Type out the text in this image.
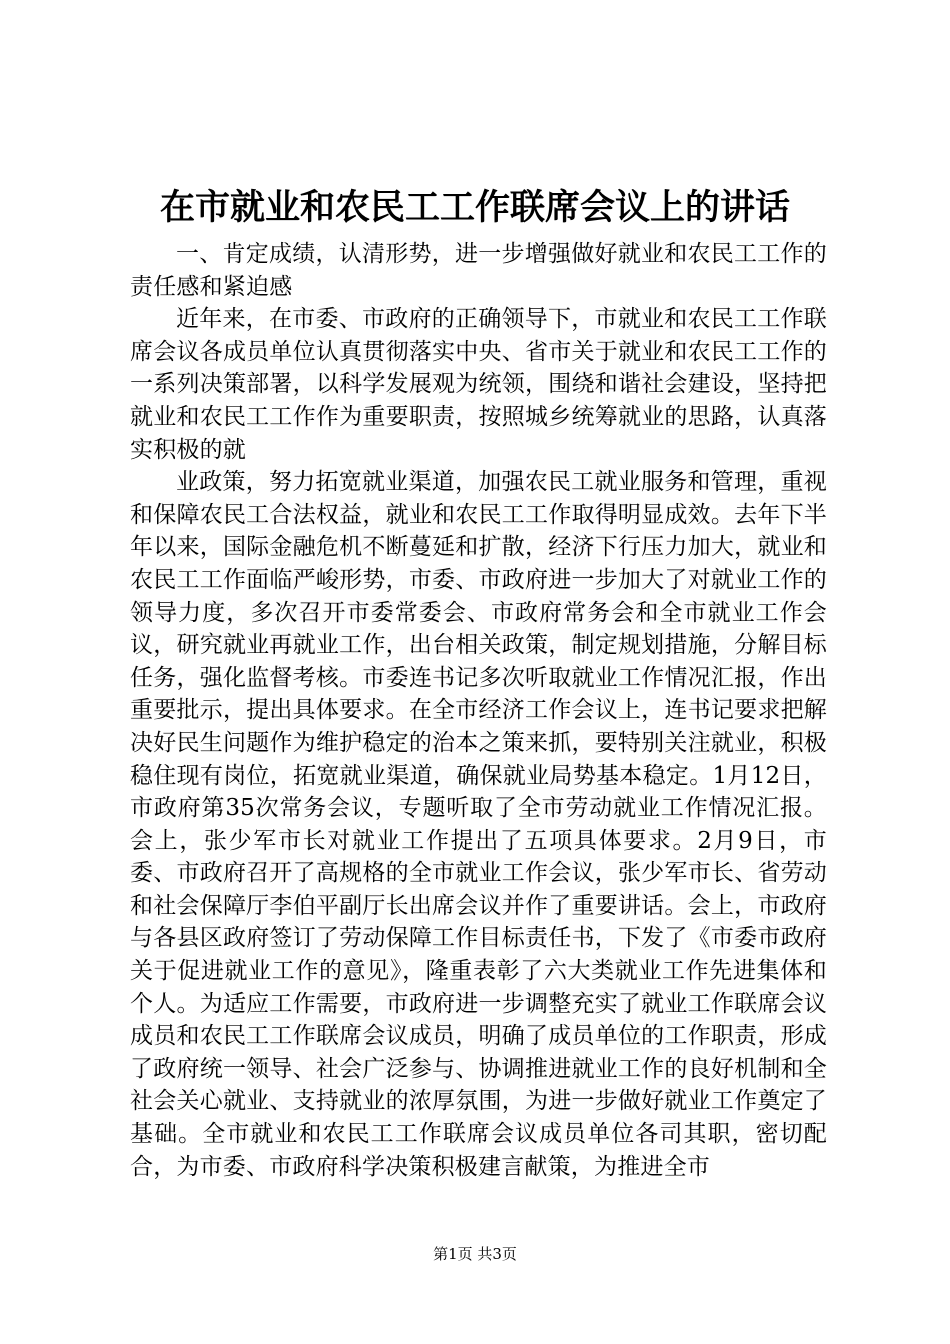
在市就业和农民工工作联席会议上的讲话

一、肯定成绩，认清形势，进一步增强做好就业和农民工工作的责任感和紧迫感

近年来，在市委、市政府的正确领导下，市就业和农民工工作联席会议各成员单位认真贯彻落实中央、省市关于就业和农民工工作的一系列决策部署，以科学发展观为统领，围绕和谐社会建设，坚持把就业和农民工工作作为重要职责，按照城乡统筹就业的思路，认真落实积极的就

业政策，努力拓宽就业渠道，加强农民工就业服务和管理，重视和保障农民工合法权益，就业和农民工工作取得明显成效。去年下半年以来，国际金融危机不断蔓延和扩散，经济下行压力加大，就业和农民工工作面临严峻形势，市委、市政府进一步加大了对就业工作的领导力度，多次召开市委常委会、市政府常务会和全市就业工作会议，研究就业再就业工作，出台相关政策，制定规划措施，分解目标任务，强化监督考核。市委连书记多次听取就业工作情况汇报，作出重要批示，提出具体要求。在全市经济工作会议上，连书记要求把解决好民生问题作为维护稳定的治本之策来抓，要特别关注就业，积极稳住现有岗位，拓宽就业渠道，确保就业局势基本稳定。1月12日，市政府第35次常务会议，专题听取了全市劳动就业工作情况汇报。会上，张少军市长对就业工作提出了五项具体要求。2月9日，市委、市政府召开了高规格的全市就业工作会议，张少军市长、省劳动和社会保障厅李伯平副厅长出席会议并作了重要讲话。会上，市政府与各县区政府签订了劳动保障工作目标责任书，下发了《市委市政府关于促进就业工作的意见》，隆重表彰了六大类就业工作先进集体和个人。为适应工作需要，市政府进一步调整充实了就业工作联席会议成员和农民工工作联席会议成员，明确了成员单位的工作职责，形成了政府统一领导、社会广泛参与、协调推进就业工作的良好机制和全社会关心就业、支持就业的浓厚氛围，为进一步做好就业工作奠定了基础。全市就业和农民工工作联席会议成员单位各司其职，密切配合，为市委、市政府科学决策积极建言献策，为推进全市

第1页 共3页
